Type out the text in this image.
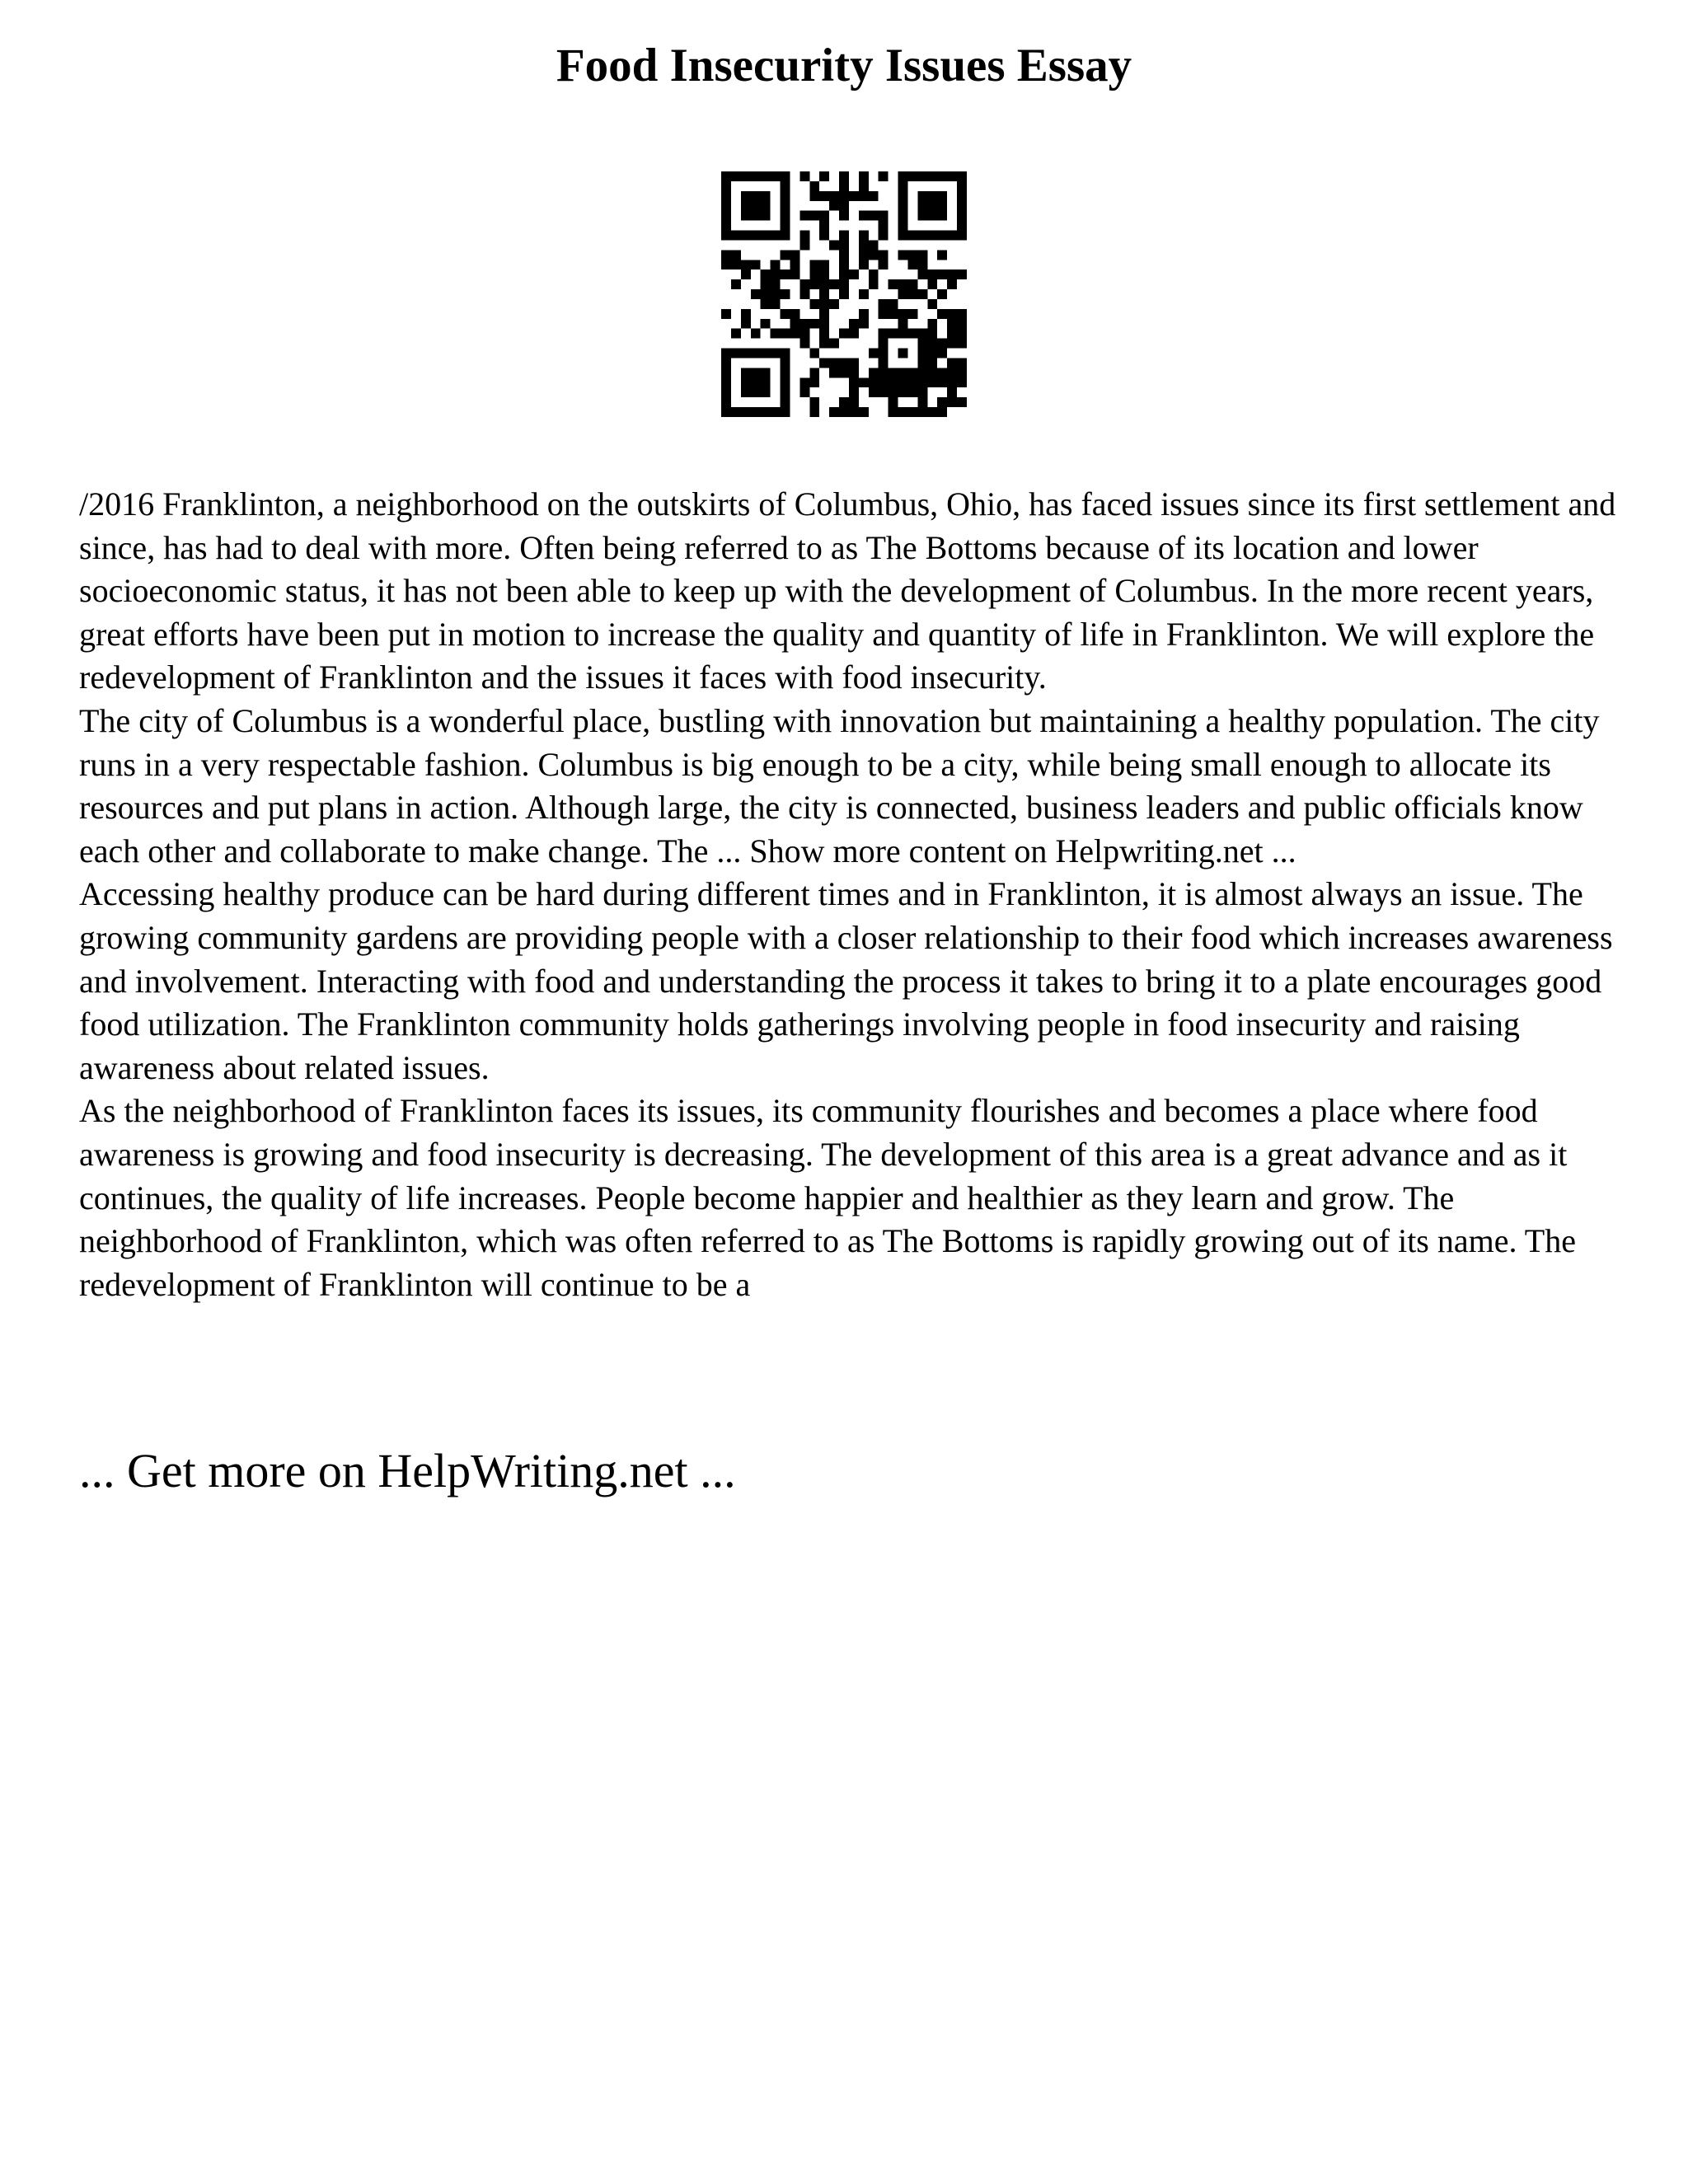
Food Insecurity Issues Essay

/2016 Franklinton, a neighborhood on the outskirts of Columbus, Ohio, has faced issues since its first settlement and since, has had to deal with more. Often being referred to as The Bottoms because of its location and lower socioeconomic status, it has not been able to keep up with the development of Columbus. In the more recent years, great efforts have been put in motion to increase the quality and quantity of life in Franklinton. We will explore the redevelopment of Franklinton and the issues it faces with food insecurity.

The city of Columbus is a wonderful place, bustling with innovation but maintaining a healthy population. The city runs in a very respectable fashion. Columbus is big enough to be a city, while being small enough to allocate its resources and put plans in action. Although large, the city is connected, business leaders and public officials know each other and collaborate to make change. The ... Show more content on Helpwriting.net ...

Accessing healthy produce can be hard during different times and in Franklinton, it is almost always an issue. The growing community gardens are providing people with a closer relationship to their food which increases awareness and involvement. Interacting with food and understanding the process it takes to bring it to a plate encourages good food utilization. The Franklinton community holds gatherings involving people in food insecurity and raising awareness about related issues.

As the neighborhood of Franklinton faces its issues, its community flourishes and becomes a place where food awareness is growing and food insecurity is decreasing. The development of this area is a great advance and as it continues, the quality of life increases. People become happier and healthier as they learn and grow. The neighborhood of Franklinton, which was often referred to as The Bottoms is rapidly growing out of its name. The redevelopment of Franklinton will continue to be a

... Get more on HelpWriting.net ...
